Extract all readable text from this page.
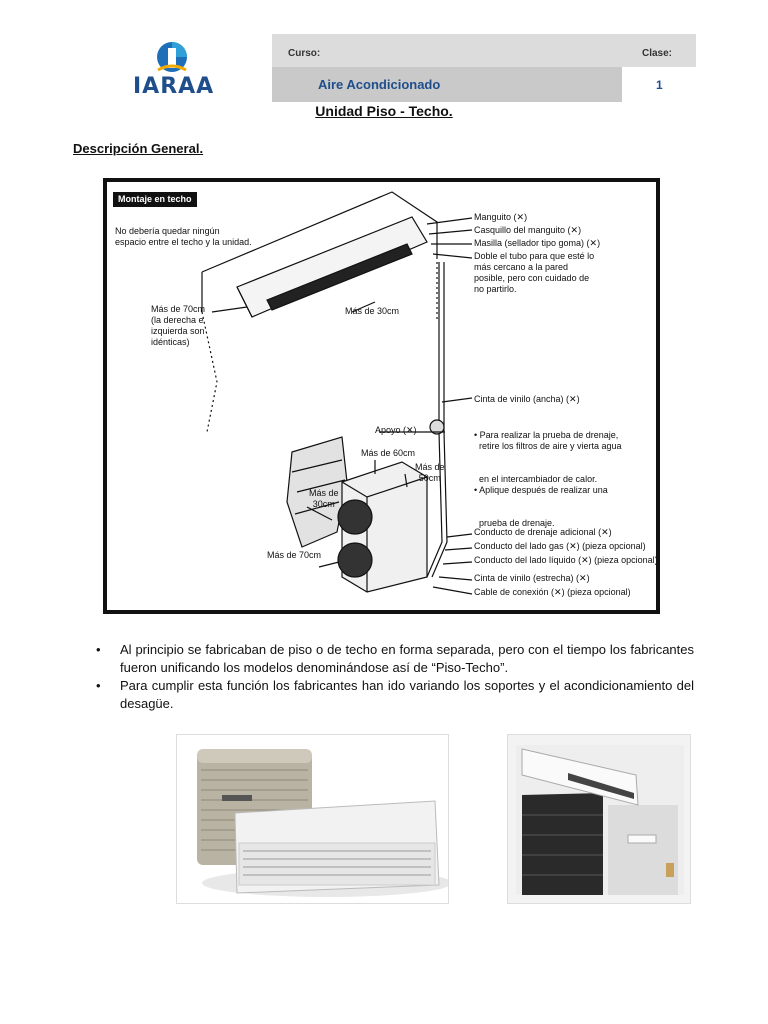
IARAA
Curso:	Clase:
Aire Acondicionado	1
Unidad Piso - Techo.
Descripción General.
Montaje en techo
No debería quedar ningún
espacio entre el techo y la unidad.
Más de 70cm
(la derecha e
izquierda son
idénticas)
Más de 30cm
Manguito (✕)
Casquillo del manguito (✕)
Masilla (sellador tipo goma) (✕)
Doble el tubo para que esté lo
más cercano a la pared
posible, pero con cuidado de
no partirlo.
Cinta de vinilo (ancha) (✕)

• Para realizar la prueba de drenaje,
retire los filtros de aire y vierta agua

en el intercambiador de calor.
• Aplique después de realizar una

prueba de drenaje.

Apoyo (✕)
Más de 60cm
Más de
50cm
Más de
30cm
Más de 70cm
Conducto de drenaje adicional (✕)
Conducto del lado gas (✕) (pieza opcional)
Conducto del lado líquido (✕) (pieza opcional)
Cinta de vinilo (estrecha) (✕)
Cable de conexión (✕) (pieza opcional)
• Al principio se fabricaban de piso o de techo en forma separada, pero con el tiempo los fabricantes fueron unificando los modelos denominándose así de “Piso-Techo”.
• Para cumplir esta función los fabricantes han ido variando los soportes y el acondicionamiento del desagüe.
